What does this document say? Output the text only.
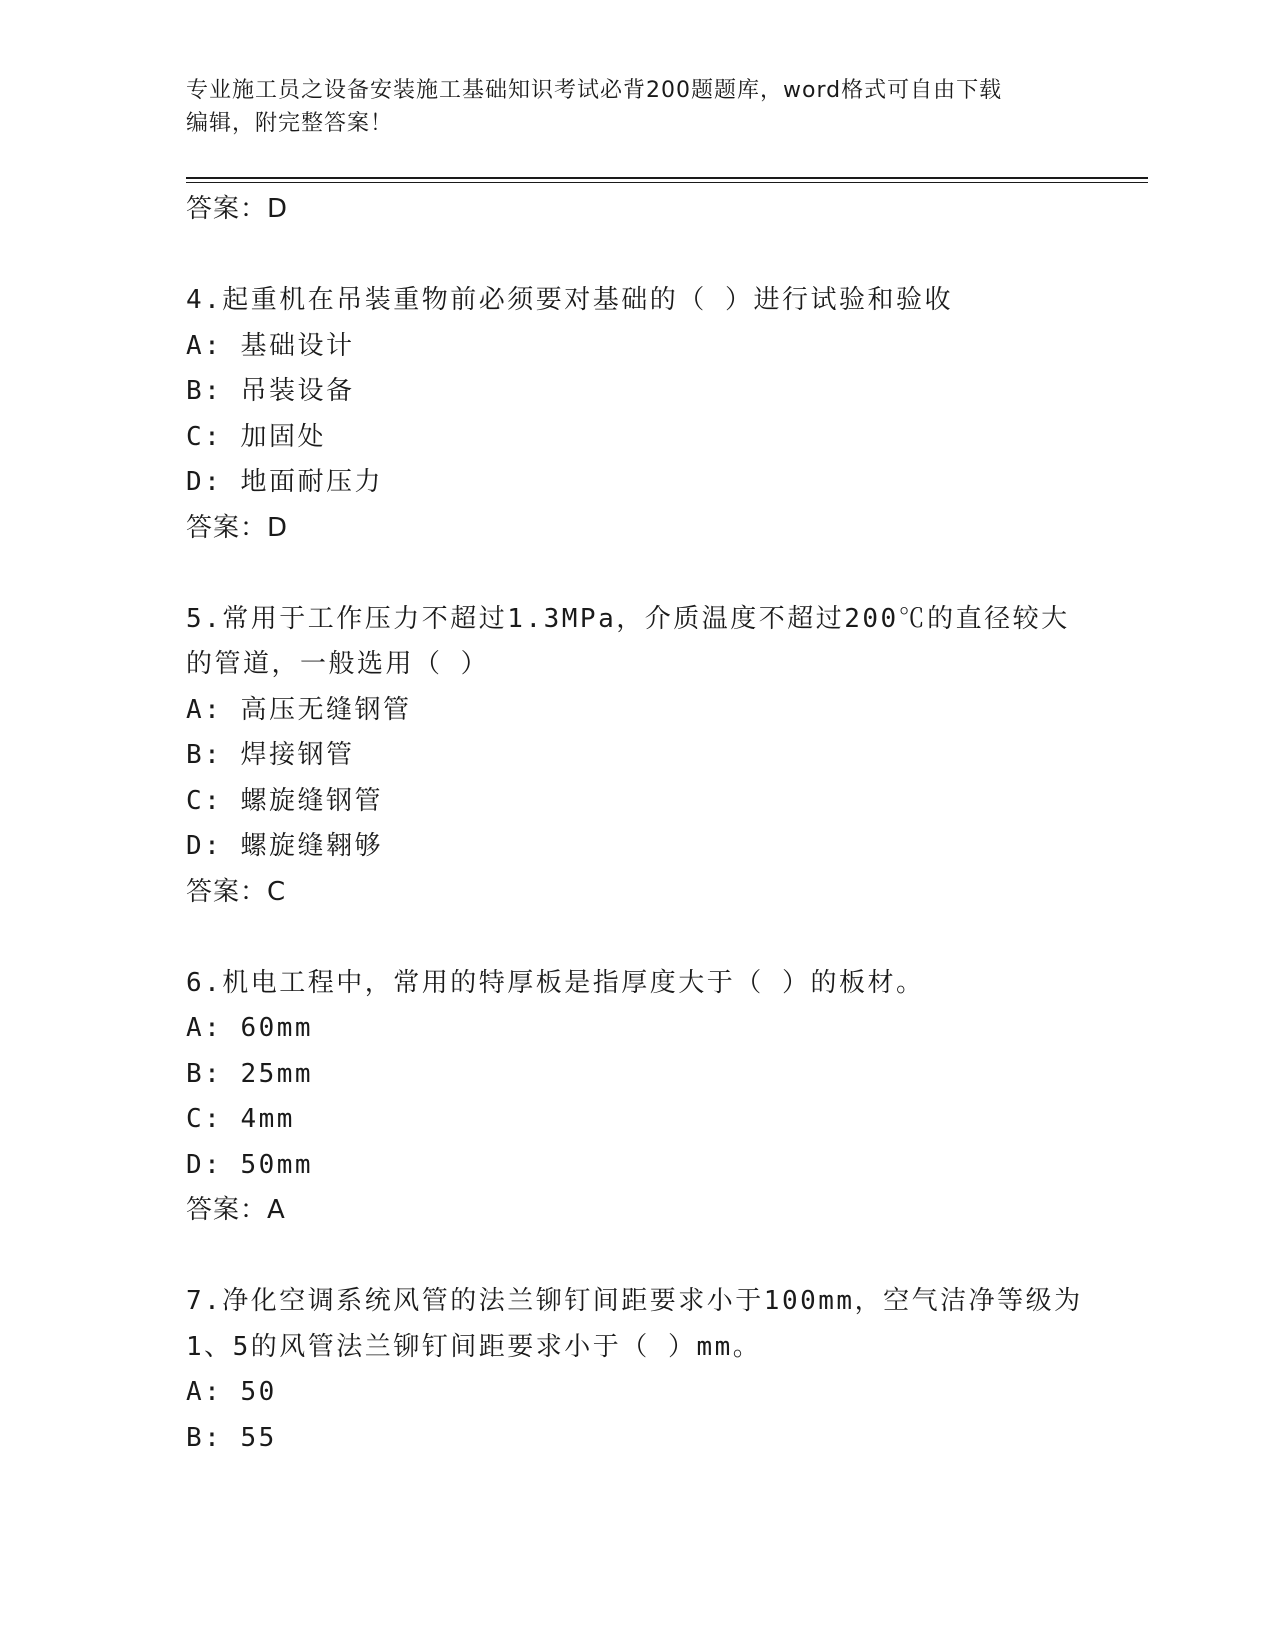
专业施工员之设备安装施工基础知识考试必背200题题库，word格式可自由下载
编辑，附完整答案！
答案：D
4.起重机在吊装重物前必须要对基础的（ ）进行试验和验收
A: 基础设计
B: 吊装设备
C: 加固处
D: 地面耐压力
答案：D
5.常用于工作压力不超过1.3MPa，介质温度不超过200℃的直径较大
的管道，一般选用（ ）
A: 高压无缝钢管
B: 焊接钢管
C: 螺旋缝钢管
D: 螺旋缝翱够
答案：C
6.机电工程中，常用的特厚板是指厚度大于（ ）的板材。
A: 60mm
B: 25mm
C: 4mm
D: 50mm
答案：A
7.净化空调系统风管的法兰铆钉间距要求小于100mm，空气洁净等级为
1、5的风管法兰铆钉间距要求小于（ ）mm。
A: 50
B: 55
